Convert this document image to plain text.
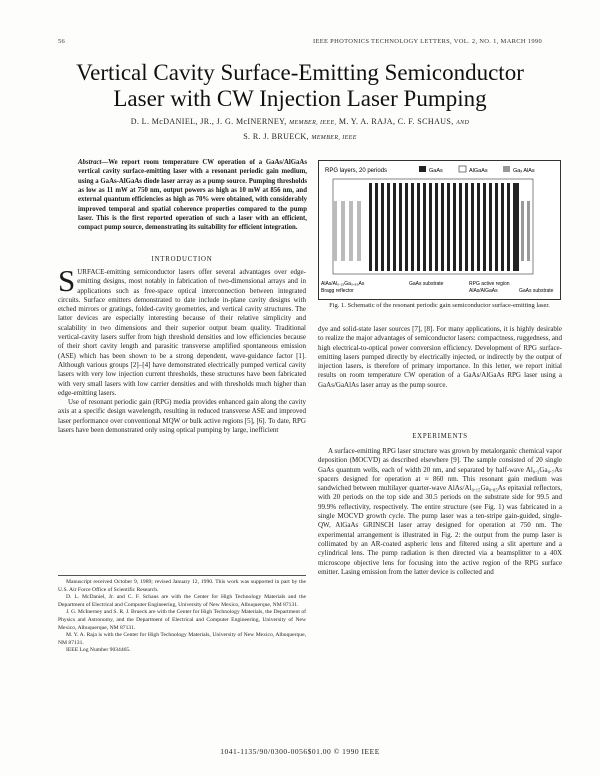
56	IEEE PHOTONICS TECHNOLOGY LETTERS, VOL. 2, NO. 1, MARCH 1990
Vertical Cavity Surface-Emitting Semiconductor
Laser with CW Injection Laser Pumping
D. L. McDANIEL, JR., J. G. McINERNEY, MEMBER, IEEE, M. Y. A. RAJA, C. F. SCHAUS, AND
S. R. J. BRUECK, MEMBER, IEEE
Abstract—We report room temperature CW operation of a GaAs/AlGaAs vertical cavity surface-emitting laser with a resonant periodic gain medium, using a GaAs-AlGaAs diode laser array as a pump source. Pumping thresholds as low as 11 mW at 750 nm, output powers as high as 10 mW at 856 nm, and external quantum efficiencies as high as 70% were obtained, with considerably improved temporal and spatial coherence properties compared to the pump laser. This is the first reported operation of such a laser with an efficient, compact pump source, demonstrating its suitability for efficient integration.
INTRODUCTION

SURFACE-emitting semiconductor lasers offer several advantages over edge-emitting designs, most notably in fabrication of two-dimensional arrays and in applications such as free-space optical interconnection between integrated circuits. Surface emitters demonstrated to date include in-plane cavity designs with etched mirrors or gratings, folded-cavity geometries, and vertical cavity structures. The latter devices are especially interesting because of their relative simplicity and scalability in two dimensions and their superior output beam quality. Traditional vertical-cavity lasers suffer from high threshold densities and low efficiencies because of their short cavity length and parasitic transverse amplified spontaneous emission (ASE) which has been shown to be a strong dependent, wave-guidance factor [1]. Although various groups [2]–[4] have demonstrated electrically pumped vertical cavity lasers with very low injection current thresholds, these structures have been fabricated with very small lasers with low carrier densities and with thresholds much higher than edge-emitting lasers.

Use of resonant periodic gain (RPG) media provides enhanced gain along the cavity axis at a specific design wavelength, resulting in reduced transverse ASE and improved laser performance over conventional MQW or bulk active regions [5], [6]. To date, RPG lasers have been demonstrated only using optical pumping by large, inefficient

Manuscript received October 9, 1989; revised January 12, 1990. This work was supported in part by the U.S. Air Force Office of Scientific Research.

D. L. McDaniel, Jr. and C. F. Schaus are with the Center for High Technology Materials and the Department of Electrical and Computer Engineering, University of New Mexico, Albuquerque, NM 87131.

J. G. McInerney and S. R. J. Brueck are with the Center for High Technology Materials, the Department of Physics and Astronomy, and the Department of Electrical and Computer Engineering, University of New Mexico, Albuquerque, NM 87131.

M. Y. A. Raja is with the Center for High Technology Materials, University of New Mexico, Albuquerque, NM 87131.

IEEE Log Number 9034465.

RPG layers, 20 periods	GaAs	AlGaAs	Gaₓ AlAs
AlAs/Al₀.₁₅Ga₀.₈₅As
Bragg reflector
GaAs substrate	RPG active region
AlAs/AlGaAs	GaAs substrate
Fig. 1. Schematic of the resonant periodic gain semiconductor surface-emitting laser.

dye and solid-state laser sources [7], [8]. For many applications, it is highly desirable to realize the major advantages of semiconductor lasers: compactness, ruggedness, and high electrical-to-optical power conversion efficiency. Development of RPG surface-emitting lasers pumped directly by electrically injected, or indirectly by the output of injection lasers, is therefore of primary importance. In this letter, we report initial results on room temperature CW operation of a GaAs/AlGaAs RPG laser using a GaAs/GaAlAs laser array as the pump source.

EXPERIMENTS

A surface-emitting RPG laser structure was grown by metalorganic chemical vapor deposition (MOCVD) as described elsewhere [9]. The sample consisted of 20 single GaAs quantum wells, each of width 20 nm, and separated by half-wave Al₀.₃Ga₀.₇As spacers designed for operation at ≈ 860 nm. This resonant gain medium was sandwiched between multilayer quarter-wave AlAs/Al₀.₁₅Ga₀.₈₅As epitaxial reflectors, with 20 periods on the top side and 30.5 periods on the substrate side for 99.5 and 99.9% reflectivity, respectively. The entire structure (see Fig. 1) was fabricated in a single MOCVD growth cycle. The pump laser was a ten-stripe gain-guided, single-QW, AlGaAs GRINSCH laser array designed for operation at 750 nm. The experimental arrangement is illustrated in Fig. 2: the output from the pump laser is collimated by an AR-coated aspheric lens and filtered using a slit aperture and a cylindrical lens. The pump radiation is then directed via a beamsplitter to a 40X microscope objective lens for focusing into the active region of the RPG surface emitter. Lasing emission from the latter device is collected and

1041-1135/90/0300-0056$01.00 © 1990 IEEE
